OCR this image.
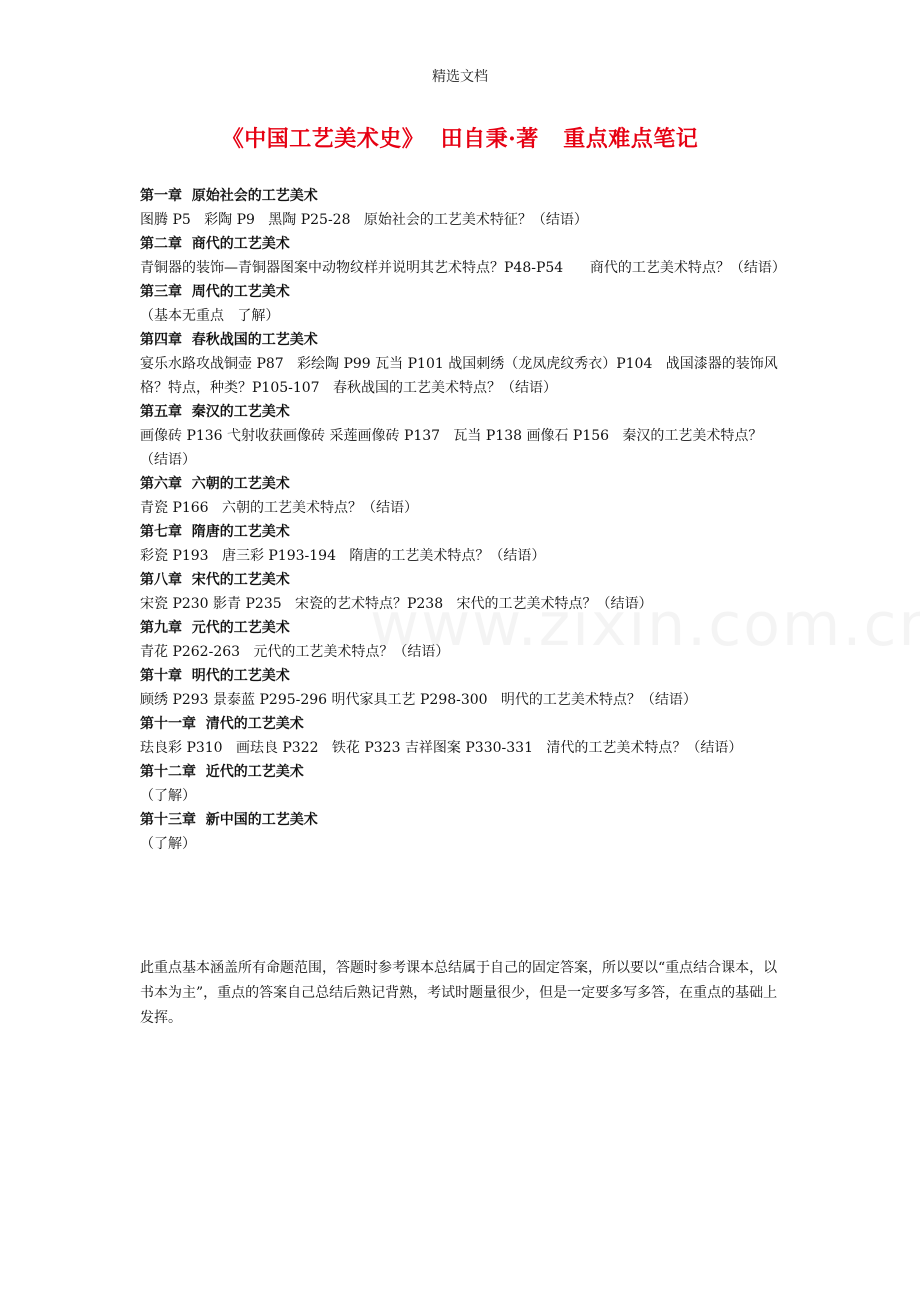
精选文档
《中国工艺美术史》  田自秉·著   重点难点笔记
第一章  原始社会的工艺美术
图腾 P5   彩陶 P9   黑陶 P25-28   原始社会的工艺美术特征？（结语）
第二章  商代的工艺美术
青铜器的装饰—青铜器图案中动物纹样并说明其艺术特点？P48-P54      商代的工艺美术特点？（结语）
第三章  周代的工艺美术
（基本无重点   了解）
第四章  春秋战国的工艺美术
宴乐水路攻战铜壶 P87   彩绘陶 P99 瓦当 P101 战国刺绣（龙凤虎纹秀衣）P104   战国漆器的装饰风格？特点，种类？P105-107   春秋战国的工艺美术特点？（结语）
第五章  秦汉的工艺美术
画像砖 P136 弋射收获画像砖 采莲画像砖 P137   瓦当 P138 画像石 P156   秦汉的工艺美术特点？（结语）
第六章  六朝的工艺美术
青瓷 P166   六朝的工艺美术特点？（结语）
第七章  隋唐的工艺美术
彩瓷 P193   唐三彩 P193-194   隋唐的工艺美术特点？（结语）
第八章  宋代的工艺美术
宋瓷 P230 影青 P235   宋瓷的艺术特点？P238   宋代的工艺美术特点？（结语）
第九章  元代的工艺美术
青花 P262-263   元代的工艺美术特点？（结语）
第十章  明代的工艺美术
顾绣 P293 景泰蓝 P295-296 明代家具工艺 P298-300   明代的工艺美术特点？（结语）
第十一章  清代的工艺美术
珐良彩 P310   画珐良 P322   铁花 P323 吉祥图案 P330-331   清代的工艺美术特点？（结语）
第十二章  近代的工艺美术
（了解）
第十三章  新中国的工艺美术
（了解）
此重点基本涵盖所有命题范围，答题时参考课本总结属于自己的固定答案，所以要以“重点结合课本，以书本为主”，重点的答案自己总结后熟记背熟，考试时题量很少，但是一定要多写多答，在重点的基础上发挥。
